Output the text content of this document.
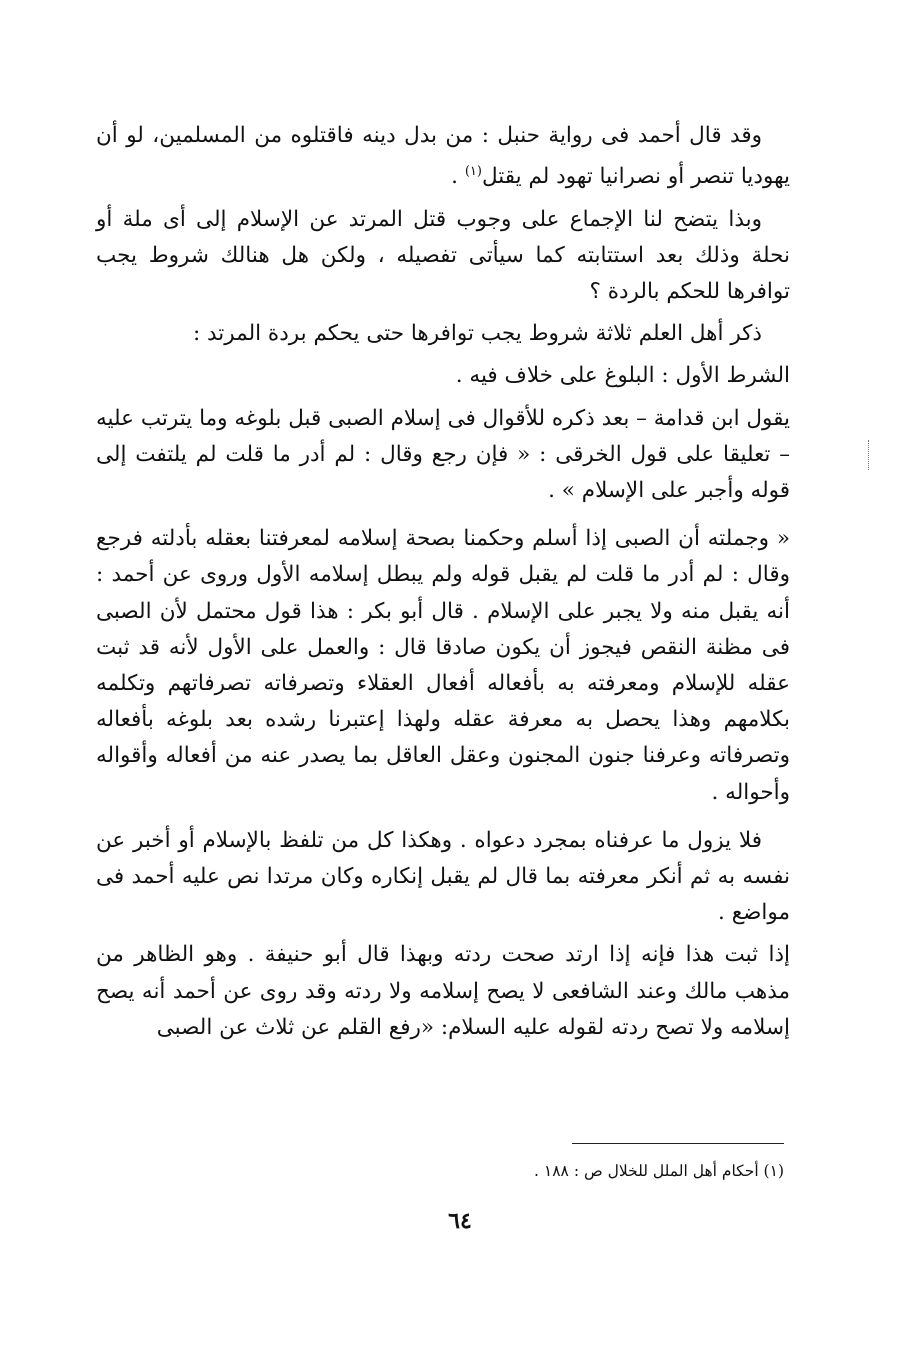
وقد قال أحمد فى رواية حنبل : من بدل دينه فاقتلوه من المسلمين، لو أن يهوديا تنصر أو نصرانيا تهود لم يقتل$^{(١)}$ .

وبذا يتضح لنا الإجماع على وجوب قتل المرتد عن الإسلام إلى أى ملة أو نحلة وذلك بعد استتابته كما سيأتى تفصيله ، ولكن هل هنالك شروط يجب توافرها للحكم بالردة ؟

ذكر أهل العلم ثلاثة شروط يجب توافرها حتى يحكم بردة المرتد :

الشرط الأول : البلوغ على خلاف فيه .

يقول ابن قدامة – بعد ذكره للأقوال فى إسلام الصبى قبل بلوغه وما يترتب عليه – تعليقا على قول الخرقى : « فإن رجع وقال : لم أدر ما قلت لم يلتفت إلى قوله وأجبر على الإسلام » .

« وجملته أن الصبى إذا أسلم وحكمنا بصحة إسلامه لمعرفتنا بعقله بأدلته فرجع وقال : لم أدر ما قلت لم يقبل قوله ولم يبطل إسلامه الأول وروى عن أحمد : أنه يقبل منه ولا يجبر على الإسلام . قال أبو بكر : هذا قول محتمل لأن الصبى فى مظنة النقص فيجوز أن يكون صادقا قال : والعمل على الأول لأنه قد ثبت عقله للإسلام ومعرفته به بأفعاله أفعال العقلاء وتصرفاته تصرفاتهم وتكلمه بكلامهم وهذا يحصل به معرفة عقله ولهذا إعتبرنا رشده بعد بلوغه بأفعاله وتصرفاته وعرفنا جنون المجنون وعقل العاقل بما يصدر عنه من أفعاله وأقواله وأحواله .

فلا يزول ما عرفناه بمجرد دعواه . وهكذا كل من تلفظ بالإسلام أو أخبر عن نفسه به ثم أنكر معرفته بما قال لم يقبل إنكاره وكان مرتدا نص عليه أحمد فى مواضع .

إذا ثبت هذا فإنه إذا ارتد صحت ردته وبهذا قال أبو حنيفة . وهو الظاهر من مذهب مالك وعند الشافعى لا يصح إسلامه ولا ردته وقد روى عن أحمد أنه يصح إسلامه ولا تصح ردته لقوله عليه السلام: «رفع القلم عن ثلاث عن الصبى

(١) أحكام أهل الملل للخلال ص : ١٨٨ .
٦٤
